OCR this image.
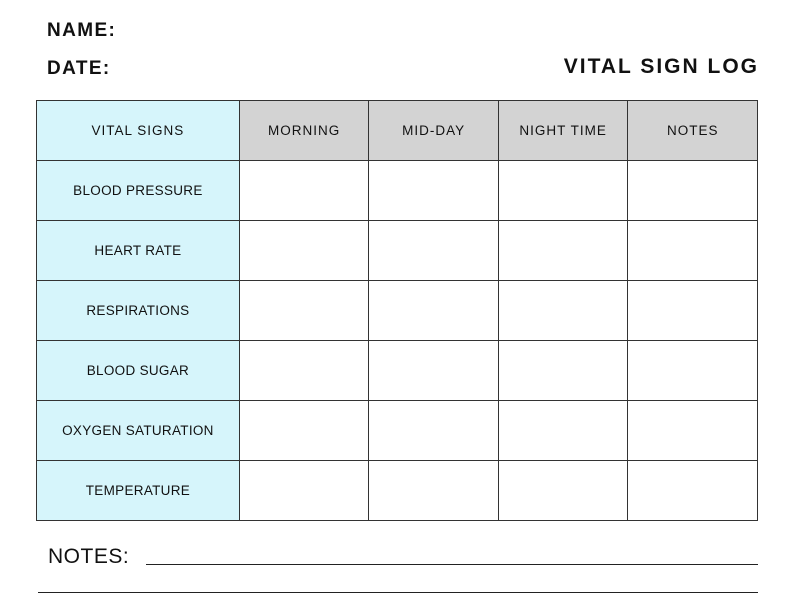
NAME:
DATE:	VITAL SIGN LOG
VITAL SIGNS	MORNING	MID-DAY	NIGHT TIME	NOTES
BLOOD PRESSURE				
HEART RATE				
RESPIRATIONS				
BLOOD SUGAR				
OXYGEN SATURATION				
TEMPERATURE				
NOTES:
